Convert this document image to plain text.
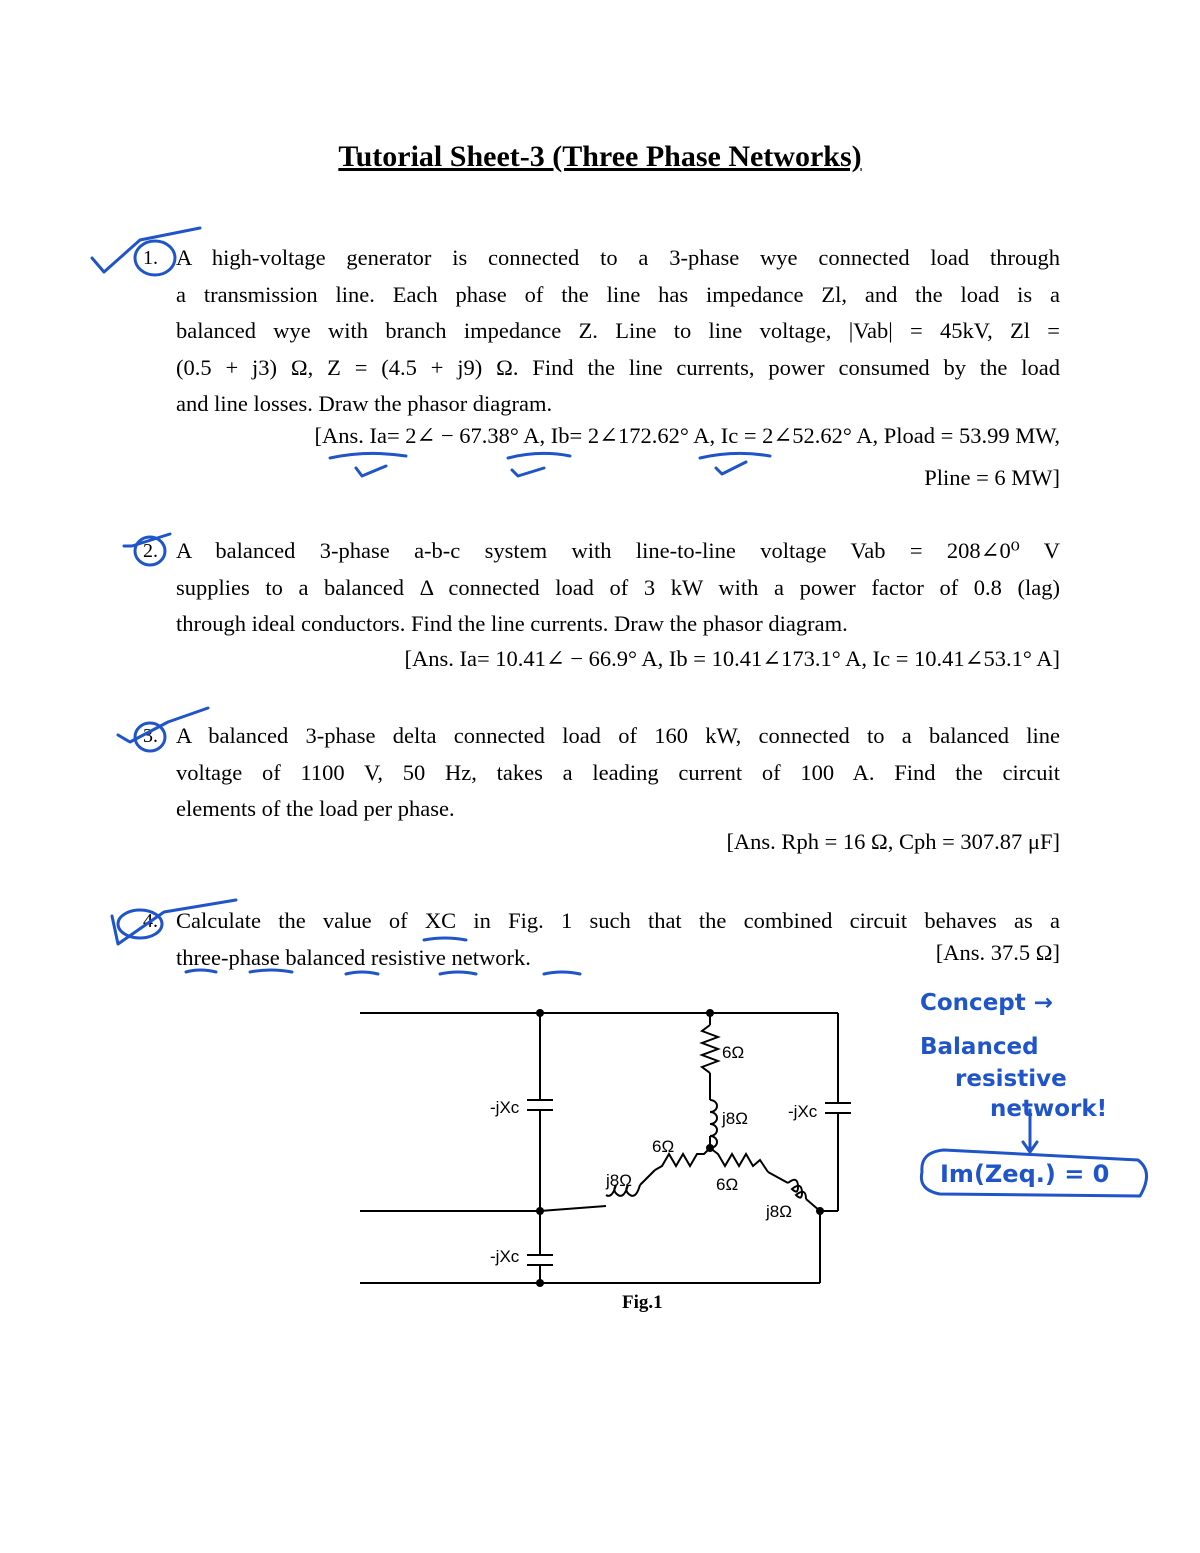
Tutorial Sheet-3 (Three Phase Networks)
1. A high-voltage generator is connected to a 3-phase wye connected load through
a transmission line. Each phase of the line has impedance Zl, and the load is a
balanced wye with branch impedance Z. Line to line voltage, |Vab| = 45kV, Zl =
(0.5 + j3) Ω, Z = (4.5 + j9) Ω. Find the line currents, power consumed by the load
and line losses. Draw the phasor diagram.
[Ans. Ia= 2∠ − 67.38° A, Ib= 2∠172.62° A, Ic = 2∠52.62° A, Pload = 53.99 MW,
Pline = 6 MW]
2. A balanced 3-phase a-b-c system with line-to-line voltage Vab = 208∠0⁰ V
supplies to a balanced Δ connected load of 3 kW with a power factor of 0.8 (lag)
through ideal conductors. Find the line currents. Draw the phasor diagram.
[Ans. Ia= 10.41∠ − 66.9° A, Ib = 10.41∠173.1° A, Ic = 10.41∠53.1° A]
3. A balanced 3-phase delta connected load of 160 kW, connected to a balanced line
voltage of 1100 V, 50 Hz, takes a leading current of 100 A. Find the circuit
elements of the load per phase.
[Ans. Rph = 16 Ω, Cph = 307.87 μF]
4. Calculate the value of XC in Fig. 1 such that the combined circuit behaves as a
three-phase balanced resistive network.	[Ans. 37.5 Ω]
-jXc
-jXc
-jXc
6Ω
j8Ω
6Ω
j8Ω	6Ω
j8Ω
Fig.1
Concept →
Balanced
resistive
network!
Im(Zeq.) = 0
